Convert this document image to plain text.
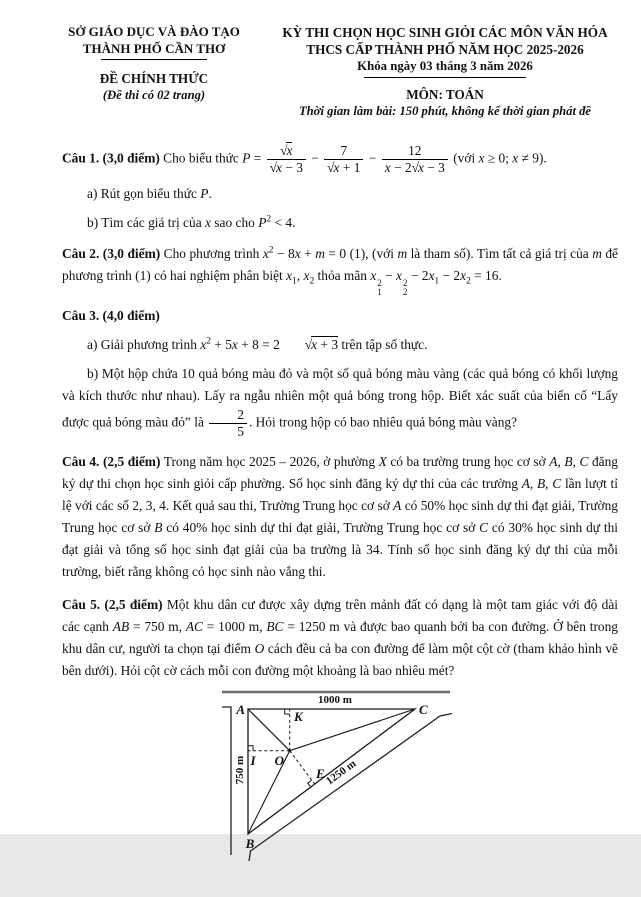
SỞ GIÁO DỤC VÀ ĐÀO TẠO
THÀNH PHỐ CẦN THƠ
ĐỀ CHÍNH THỨC
(Đề thi có 02 trang)
KỲ THI CHỌN HỌC SINH GIỎI CÁC MÔN VĂN HÓA
THCS CẤP THÀNH PHỐ NĂM HỌC 2025-2026
Khóa ngày 03 tháng 3 năm 2026
MÔN: TOÁN
Thời gian làm bài: 150 phút, không kể thời gian phát đề

Câu 1. (3,0 điểm) Cho biểu thức $P = \frac{√x}{√x - 3} - \frac{7}{√x + 1} - \frac{12}{x - 2√x - 3}$ (với x ≥ 0; x ≠ 9).

a) Rút gọn biểu thức P.

b) Tìm các giá trị của x sao cho $P^2 < 4$.

Câu 2. (3,0 điểm) Cho phương trình $x^2 - 8x + m = 0$ (1), (với m là tham số). Tìm tất cả giá trị của m để phương trình (1) có hai nghiệm phân biệt $x_1$, $x_2$ thỏa mãn x 2
1
− x 2
2
− $2x_1 - 2x_2 = 16$.

Câu 3. (4,0 điểm)

a) Giải phương trình $x^2 + 5x + 8 = 2$ √x + 3 trên tập số thực.

b) Một hộp chứa 10 quả bóng màu đỏ và một số quả bóng màu vàng (các quả bóng có khối lượng và kích thước như nhau). Lấy ra ngẫu nhiên một quả bóng trong hộp. Biết xác suất của biến cố “Lấy được quả bóng màu đỏ” là $\frac{2}{5}$ . Hỏi trong hộp có bao nhiêu quả bóng màu vàng?

Câu 4. (2,5 điểm) Trong năm học 2025 – 2026, ở phường X có ba trường trung học cơ sở A, B, C đăng ký dự thi chọn học sinh giỏi cấp phường. Số học sinh đăng ký dự thi của các trường A, B, C lần lượt tỉ lệ với các số 2, 3, 4. Kết quả sau thi, Trường Trung học cơ sở A có 50% học sinh dự thi đạt giải, Trường Trung học cơ sở B có 40% học sinh dự thi đạt giải, Trường Trung học cơ sở C có 30% học sinh dự thi đạt giải và tổng số học sinh đạt giải của ba trường là 34. Tính số học sinh đăng ký dự thi của mỗi trường, biết rằng không có học sinh nào vắng thi.

Câu 5. (2,5 điểm) Một khu dân cư được xây dựng trên mảnh đất có dạng là một tam giác với độ dài các cạnh AB = 750 m, AC = 1000 m, BC = 1250 m và được bao quanh bởi ba con đường. Ở bên trong khu dân cư, người ta chọn tại điểm O cách đều cả ba con đường để làm một cột cờ (tham khảo hình vẽ bên dưới). Hỏi cột cờ cách mỗi con đường một khoảng là bao nhiêu mét?

A
B
C
O
I
K
E
1000 m
750 m	1250 m
